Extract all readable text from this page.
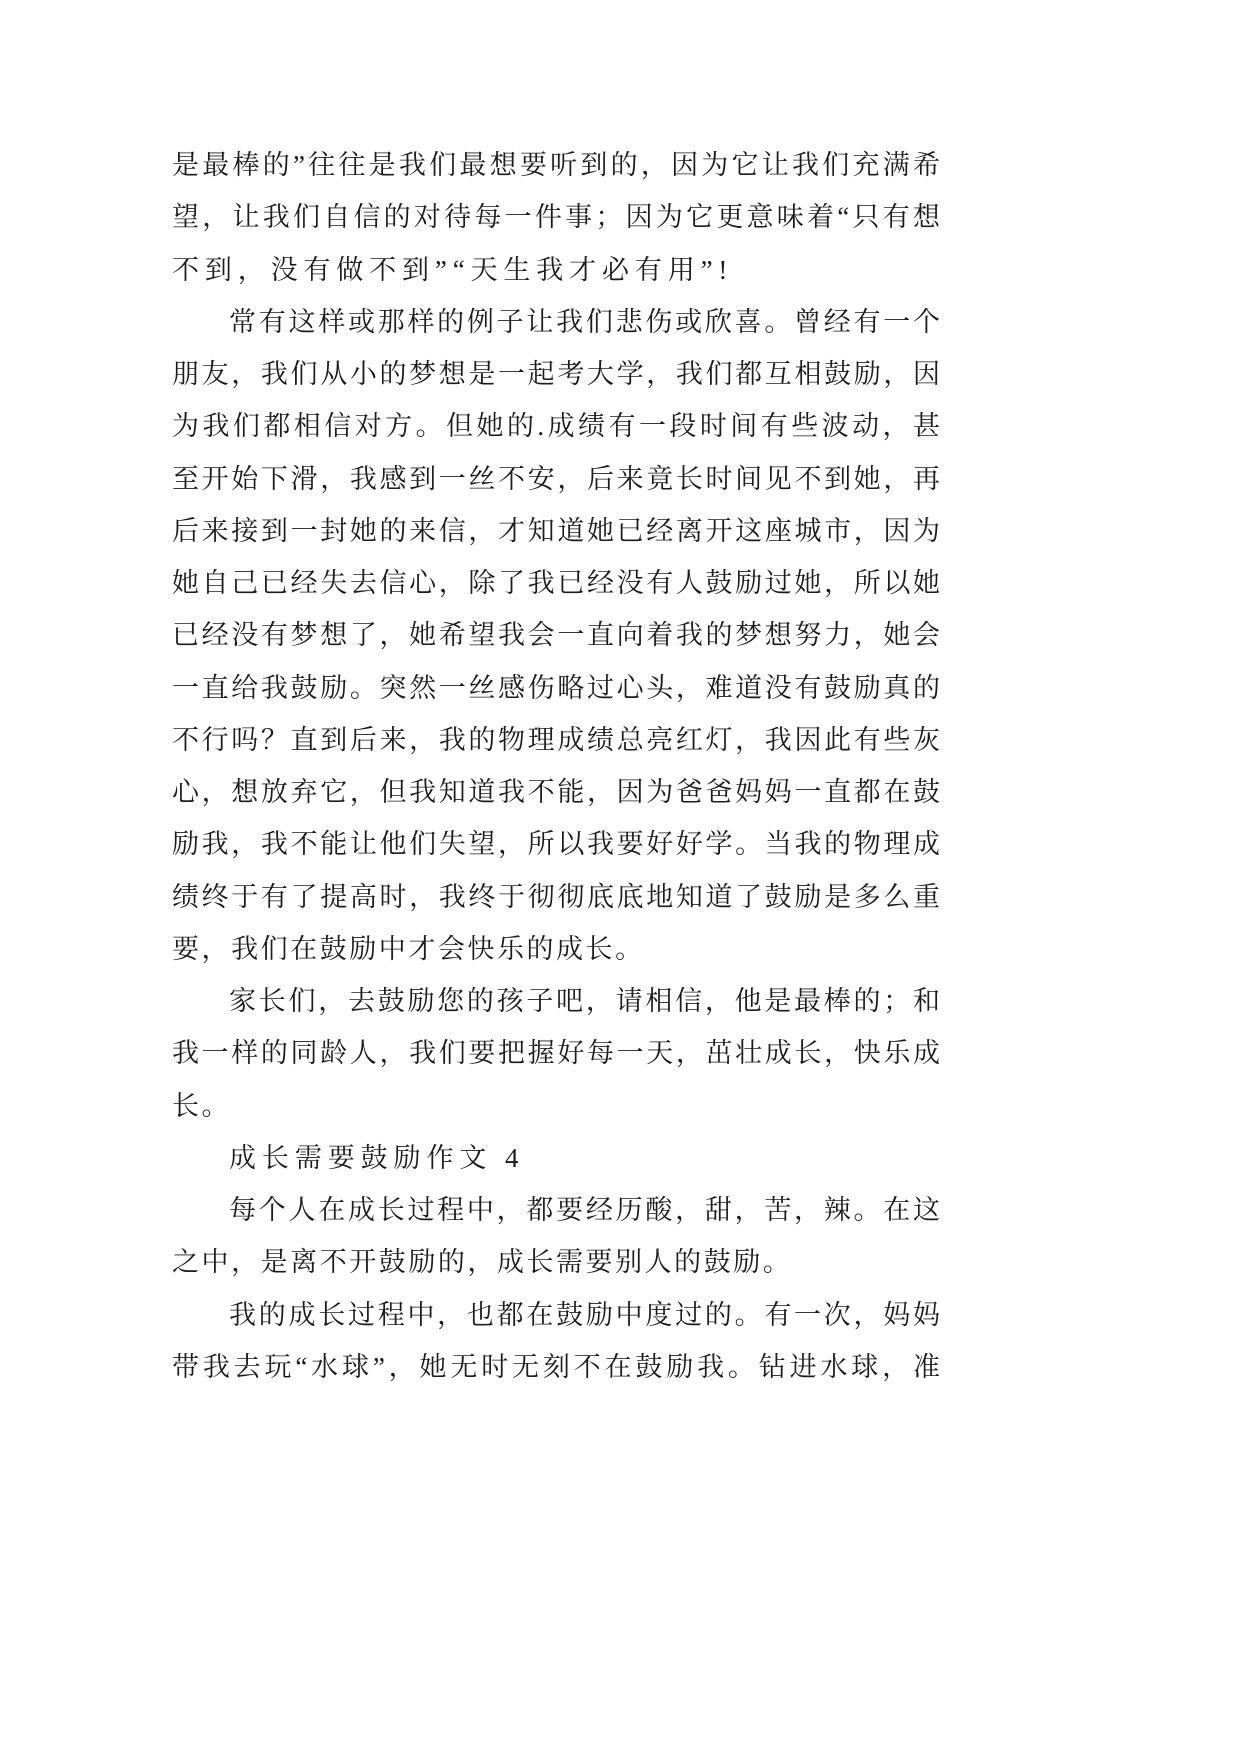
是最棒的”往往是我们最想要听到的，因为它让我们充满希
望，让我们自信的对待每一件事；因为它更意味着“只有想
不到，没有做不到”“天生我才必有用”!
常有这样或那样的例子让我们悲伤或欣喜。曾经有一个
朋友，我们从小的梦想是一起考大学，我们都互相鼓励，因
为我们都相信对方。但她的.成绩有一段时间有些波动，甚
至开始下滑，我感到一丝不安，后来竟长时间见不到她，再
后来接到一封她的来信，才知道她已经离开这座城市，因为
她自己已经失去信心，除了我已经没有人鼓励过她，所以她
已经没有梦想了，她希望我会一直向着我的梦想努力，她会
一直给我鼓励。突然一丝感伤略过心头，难道没有鼓励真的
不行吗？直到后来，我的物理成绩总亮红灯，我因此有些灰
心，想放弃它，但我知道我不能，因为爸爸妈妈一直都在鼓
励我，我不能让他们失望，所以我要好好学。当我的物理成
绩终于有了提高时，我终于彻彻底底地知道了鼓励是多么重
要，我们在鼓励中才会快乐的成长。
家长们，去鼓励您的孩子吧，请相信，他是最棒的；和
我一样的同龄人，我们要把握好每一天，茁壮成长，快乐成
长。
成长需要鼓励作文 4
每个人在成长过程中，都要经历酸，甜，苦，辣。在这
之中，是离不开鼓励的，成长需要别人的鼓励。
我的成长过程中，也都在鼓励中度过的。有一次，妈妈
带我去玩“水球”，她无时无刻不在鼓励我。钻进水球，准
